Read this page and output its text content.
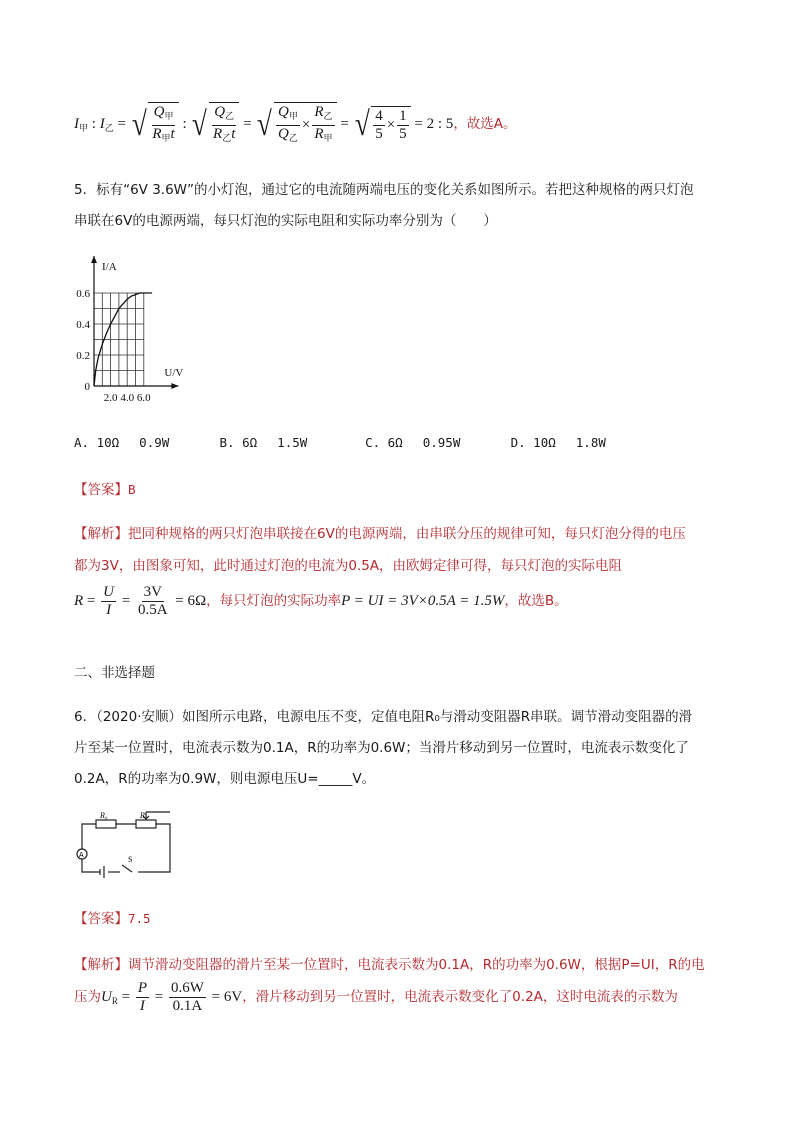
$I_甲$ : $I_乙$ = √ $\frac{Q_甲}{R_甲t}$ : √ $\frac{Q_乙}{R_乙t}$ = √ $\frac{Q_甲}{Q_乙} \times \frac{R_乙}{R_甲}$ = √ $\frac{4}{5} \times \frac{1}{5} = 2$ : 5，故选A。
5．标有“6V 3.6W”的小灯泡，通过它的电流随两端电压的变化关系如图所示。若把这种规格的两只灯泡
串联在6V的电源两端，每只灯泡的实际电阻和实际功率分别为（　　）
2.0 4.0 6.0
0
0.2
0.4
0.6
I/A
U/V
A. 10Ω　 0.9W	B. 6Ω　 1.5W	C. 6Ω　 0.95W	D. 10Ω　 1.8W
【答案】B
【解析】把同种规格的两只灯泡串联接在6V的电源两端，由串联分压的规律可知，每只灯泡分得的电压
都为3V，由图象可知，此时通过灯泡的电流为0.5A，由欧姆定律可得，每只灯泡的实际电阻
$R = \frac{U}{I} = \frac{3V}{0.5A} = 6\Omega$，每只灯泡的实际功率P = UI = 3V×0.5A = 1.5W，故选B。
二、非选择题
6．（2020·安顺）如图所示电路，电源电压不变，定值电阻R₀与滑动变阻器R串联。调节滑动变阻器的滑
片至某一位置时，电流表示数为0.1A，R的功率为0.6W；当滑片移动到另一位置时，电流表示数变化了
0.2A，R的功率为0.9W，则电源电压U=_____V。
R₀	R
A	S
【答案】7.5
【解析】调节滑动变阻器的滑片至某一位置时，电流表示数为0.1A，R的功率为0.6W，根据P=UI，R的电
压为$U_R = \frac{P}{I} = \frac{0.6W}{0.1A} = 6V$，滑片移动到另一位置时，电流表示数变化了0.2A，这时电流表的示数为
